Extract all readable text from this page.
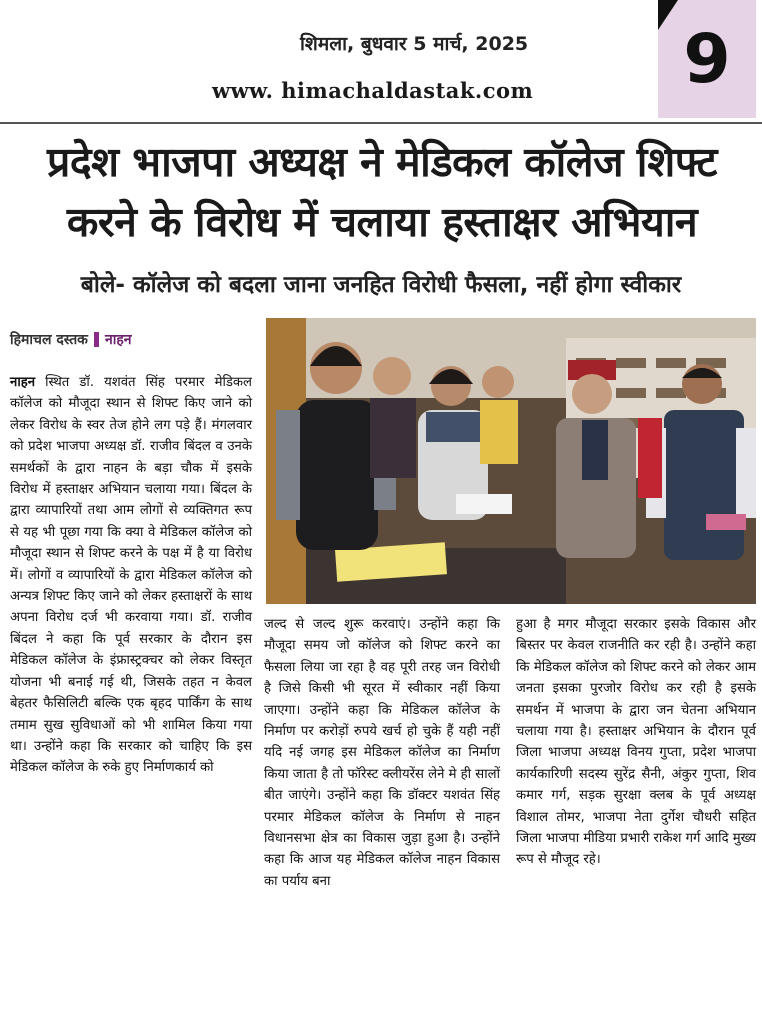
शिमला, बुधवार 5 मार्च, 2025
www. himachaldastak.com	9
प्रदेश भाजपा अध्यक्ष ने मेडिकल कॉलेज शिफ्ट
करने के विरोध में चलाया हस्ताक्षर अभियान
बोले- कॉलेज को बदला जाना जनहित विरोधी फैसला, नहीं होगा स्वीकार
हिमाचल दस्तक नाहन

नाहन स्थित डॉ. यशवंत सिंह परमार मेडिकल कॉलेज को मौजूदा स्थान से शिफ्ट किए जाने को लेकर विरोध के स्वर तेज होने लग पड़े हैं। मंगलवार को प्रदेश भाजपा अध्यक्ष डॉ. राजीव बिंदल व उनके समर्थकों के द्वारा नाहन के बड़ा चौक में इसके विरोध में हस्ताक्षर अभियान चलाया गया। बिंदल के द्वारा व्यापारियों तथा आम लोगों से व्यक्तिगत रूप से यह भी पूछा गया कि क्या वे मेडिकल कॉलेज को मौजूदा स्थान से शिफ्ट करने के पक्ष में है या विरोध में। लोगों व व्यापारियों के द्वारा मेडिकल कॉलेज को अन्यत्र शिफ्ट किए जाने को लेकर हस्ताक्षरों के साथ अपना विरोध दर्ज भी करवाया गया। डॉ. राजीव बिंदल ने कहा कि पूर्व सरकार के दौरान इस मेडिकल कॉलेज के इंफ्रास्ट्रक्चर को लेकर विस्तृत योजना भी बनाई गई थी, जिसके तहत न केवल बेहतर फैसिलिटी बल्कि एक बृहद पार्किंग के साथ तमाम सुख सुविधाओं को भी शामिल किया गया था। उन्होंने कहा कि सरकार को चाहिए कि इस मेडिकल कॉलेज के रुके हुए निर्माणकार्य को

जल्द से जल्द शुरू करवाएं। उन्होंने कहा कि मौजूदा समय जो कॉलेज को शिफ्ट करने का फैसला लिया जा रहा है वह पूरी तरह जन विरोधी है जिसे किसी भी सूरत में स्वीकार नहीं किया जाएगा। उन्होंने कहा कि मेडिकल कॉलेज के निर्माण पर करोड़ों रुपये खर्च हो चुके हैं यही नहीं यदि नई जगह इस मेडिकल कॉलेज का निर्माण किया जाता है तो फॉरेस्ट क्लीयरेंस लेने मे ही सालों बीत जाएंगे। उन्होंने कहा कि डॉक्टर यशवंत सिंह परमार मेडिकल कॉलेज के निर्माण से नाहन विधानसभा क्षेत्र का विकास जुड़ा हुआ है। उन्होंने कहा कि आज यह मेडिकल कॉलेज नाहन विकास का पर्याय बना

हुआ है मगर मौजूदा सरकार इसके विकास और बिस्तर पर केवल राजनीति कर रही है। उन्होंने कहा कि मेडिकल कॉलेज को शिफ्ट करने को लेकर आम जनता इसका पुरजोर विरोध कर रही है इसके समर्थन में भाजपा के द्वारा जन चेतना अभियान चलाया गया है। हस्ताक्षर अभियान के दौरान पूर्व जिला भाजपा अध्यक्ष विनय गुप्ता, प्रदेश भाजपा कार्यकारिणी सदस्य सुरेंद्र सैनी, अंकुर गुप्ता, शिव कमार गर्ग, सड़क सुरक्षा क्लब के पूर्व अध्यक्ष विशाल तोमर, भाजपा नेता दुर्गेश चौधरी सहित जिला भाजपा मीडिया प्रभारी राकेश गर्ग आदि मुख्य रूप से मौजूद रहे।
